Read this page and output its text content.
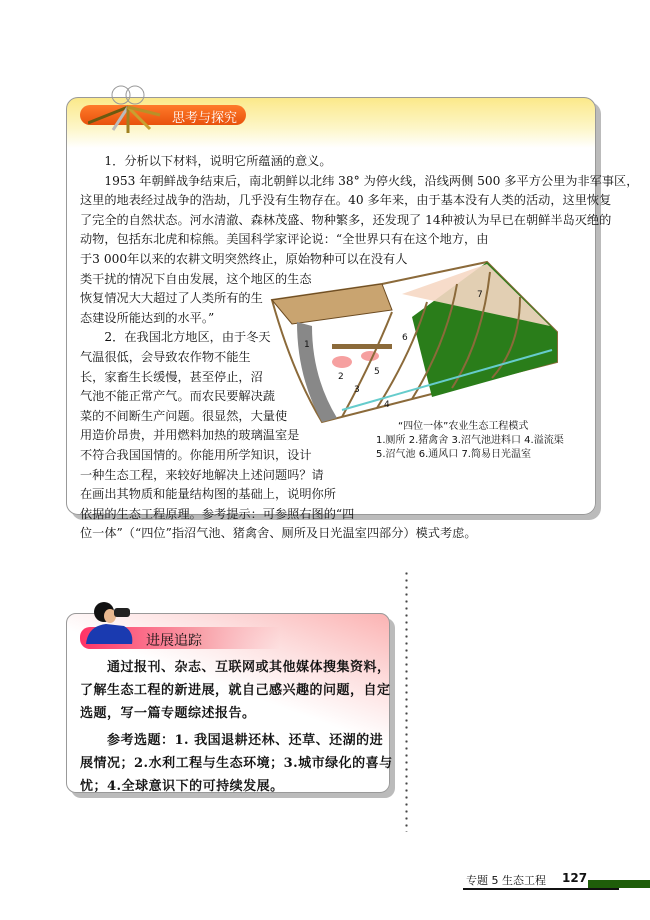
思考与探究
　　1．分析以下材料，说明它所蕴涵的意义。
　　1953 年朝鲜战争结束后，南北朝鲜以北纬 38° 为停火线，沿线两侧 500 多平方公里为非军事区，
这里的地表经过战争的浩劫，几乎没有生物存在。40 多年来，由于基本没有人类的活动，这里恢复
了完全的自然状态。河水清澈、森林茂盛、物种繁多，还发现了 14种被认为早已在朝鲜半岛灭绝的
动物，包括东北虎和棕熊。美国科学家评论说：“全世界只有在这个地方，由
于3 000年以来的农耕文明突然终止，原始物种可以在没有人
类干扰的情况下自由发展，这个地区的生态
恢复情况大大超过了人类所有的生
态建设所能达到的水平。”
　　2．在我国北方地区，由于冬天
气温很低，会导致农作物不能生
长，家畜生长缓慢，甚至停止，沼
气池不能正常产气。而农民要解决蔬
菜的不间断生产问题。很显然，大量使
用造价昂贵，并用燃料加热的玻璃温室是
不符合我国国情的。你能用所学知识，设计
一种生态工程，来较好地解决上述问题吗？请
在画出其物质和能量结构图的基础上，说明你所
依据的生态工程原理。参考提示：可参照右图的“四
位一体”（“四位”指沼气池、猪禽舍、厕所及日光温室四部分）模式考虑。
1
2
3
4
5
6
7
“四位一体”农业生态工程模式
1.厕所 2.猪禽舍 3.沼气池进料口 4.溢流渠
5.沼气池 6.通风口 7.简易日光温室
进展追踪
　　通过报刊、杂志、互联网或其他媒体搜集资料，
了解生态工程的新进展，就自己感兴趣的问题，自定
选题，写一篇专题综述报告。
　　参考选题：1. 我国退耕还林、还草、还湖的进
展情况；2.水利工程与生态环境；3.城市绿化的喜与
忧；4.全球意识下的可持续发展。
专题 5 生态工程 127
